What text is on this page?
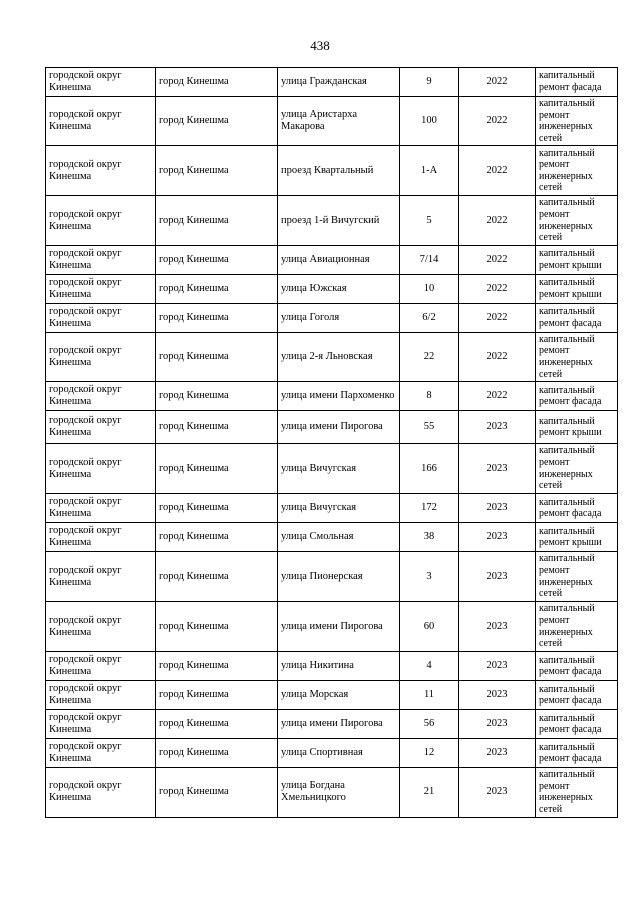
438
городской округ Кинешма	город Кинешма	улица Гражданская	9	2022	капитальный ремонт фасада
городской округ Кинешма	город Кинешма	улица Аристарха Макарова	100	2022	капитальный ремонт инженерных сетей
городской округ Кинешма	город Кинешма	проезд Квартальный	1-А	2022	капитальный ремонт инженерных сетей
городской округ Кинешма	город Кинешма	проезд 1-й Вичугский	5	2022	капитальный ремонт инженерных сетей
городской округ Кинешма	город Кинешма	улица Авиационная	7/14	2022	капитальный ремонт крыши
городской округ Кинешма	город Кинешма	улица Южская	10	2022	капитальный ремонт крыши
городской округ Кинешма	город Кинешма	улица Гоголя	6/2	2022	капитальный ремонт фасада
городской округ Кинешма	город Кинешма	улица 2-я Льновская	22	2022	капитальный ремонт инженерных сетей
городской округ Кинешма	город Кинешма	улица имени Пархоменко	8	2022	капитальный ремонт фасада
городской округ Кинешма	город Кинешма	улица имени Пирогова	55	2023	капитальный ремонт крыши
городской округ Кинешма	город Кинешма	улица Вичугская	166	2023	капитальный ремонт инженерных сетей
городской округ Кинешма	город Кинешма	улица Вичугская	172	2023	капитальный ремонт фасада
городской округ Кинешма	город Кинешма	улица Смольная	38	2023	капитальный ремонт крыши
городской округ Кинешма	город Кинешма	улица Пионерская	3	2023	капитальный ремонт инженерных сетей
городской округ Кинешма	город Кинешма	улица имени Пирогова	60	2023	капитальный ремонт инженерных сетей
городской округ Кинешма	город Кинешма	улица Никитина	4	2023	капитальный ремонт фасада
городской округ Кинешма	город Кинешма	улица Морская	11	2023	капитальный ремонт фасада
городской округ Кинешма	город Кинешма	улица имени Пирогова	56	2023	капитальный ремонт фасада
городской округ Кинешма	город Кинешма	улица Спортивная	12	2023	капитальный ремонт фасада
городской округ Кинешма	город Кинешма	улица Богдана Хмельницкого	21	2023	капитальный ремонт инженерных сетей
